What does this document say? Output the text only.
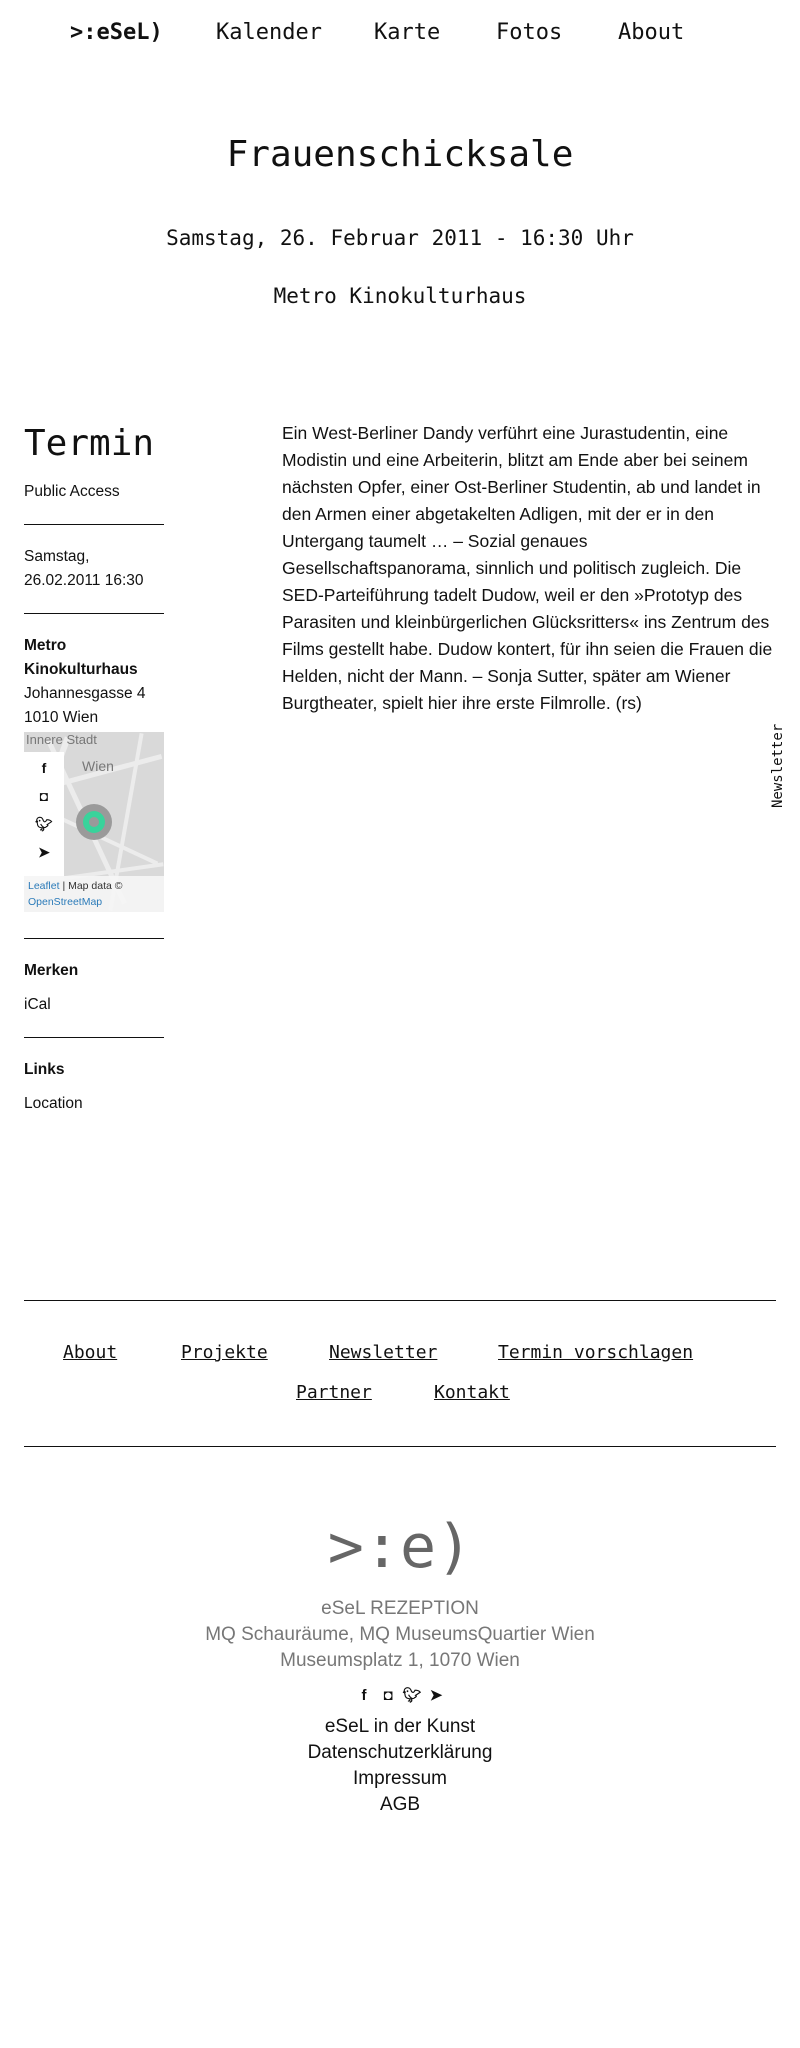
>:eSeL) Kalender Karte	Fotos	About
Frauenschicksale
Samstag, 26. Februar 2011 - 16:30 Uhr
Metro Kinokulturhaus
Termin
Public Access
Samstag,
26.02.2011 16:30
Metro
Kinokulturhaus
Johannesgasse 4
1010 Wien
Innere Stadt
Wien
f
◘
🐦︎
➤
Leaflet | Map data ©
OpenStreetMap
Merken
iCal
Links
Location

Ein West-Berliner Dandy verführt eine Jurastudentin, eine Modistin und eine Arbeiterin, blitzt am Ende aber bei seinem nächsten Opfer, einer Ost-Berliner Studentin, ab und landet in den Armen einer abgetakelten Adligen, mit der er in den Untergang taumelt … – Sozial genaues Gesellschaftspanorama, sinnlich und politisch zugleich. Die SED-Parteiführung tadelt Dudow, weil er den »Prototyp des Parasiten und kleinbürgerlichen Glücksritters« ins Zentrum des Films gestellt habe. Dudow kontert, für ihn seien die Frauen die Helden, nicht der Mann. – Sonja Sutter, später am Wiener Burgtheater, spielt hier ihre erste Filmrolle. (rs)

Newsletter
About	Projekte	Newsletter	Termin vorschlagen
Partner	Kontakt
>:e)
eSeL REZEPTION
MQ Schauräume, MQ MuseumsQuartier Wien
Museumsplatz 1, 1070 Wien
f ◘ 🐦︎ ➤
eSeL in der Kunst
Datenschutzerklärung
Impressum
AGB
